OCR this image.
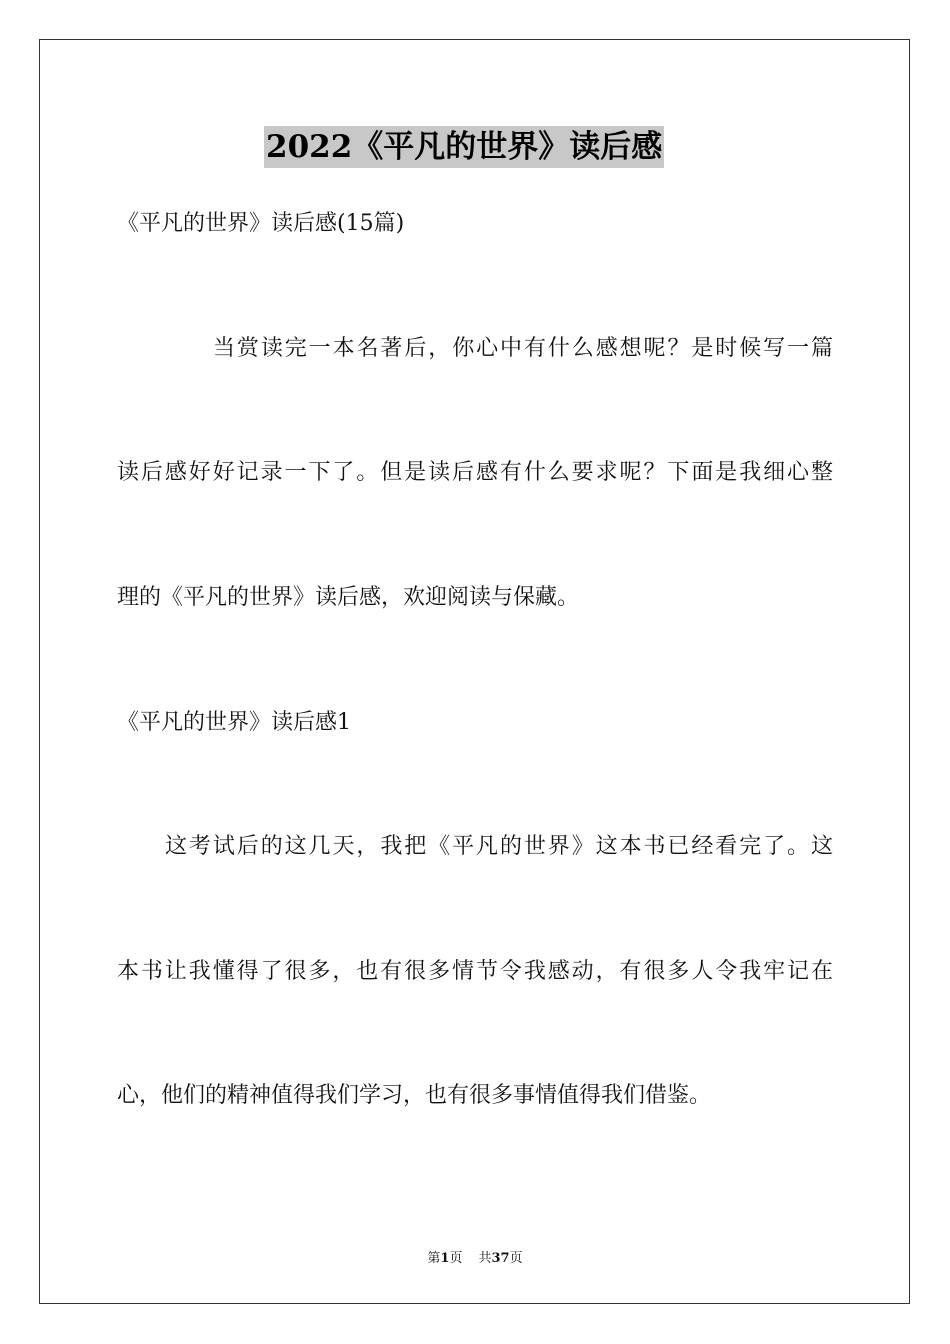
2022《平凡的世界》读后感
《平凡的世界》读后感(15篇)
当赏读完一本名著后，你心中有什么感想呢？是时候写一篇
读后感好好记录一下了。但是读后感有什么要求呢？下面是我细心整
理的《平凡的世界》读后感，欢迎阅读与保藏。
《平凡的世界》读后感1
这考试后的这几天，我把《平凡的世界》这本书已经看完了。这
本书让我懂得了很多，也有很多情节令我感动，有很多人令我牢记在
心，他们的精神值得我们学习，也有很多事情值得我们借鉴。
第1页 共37页
